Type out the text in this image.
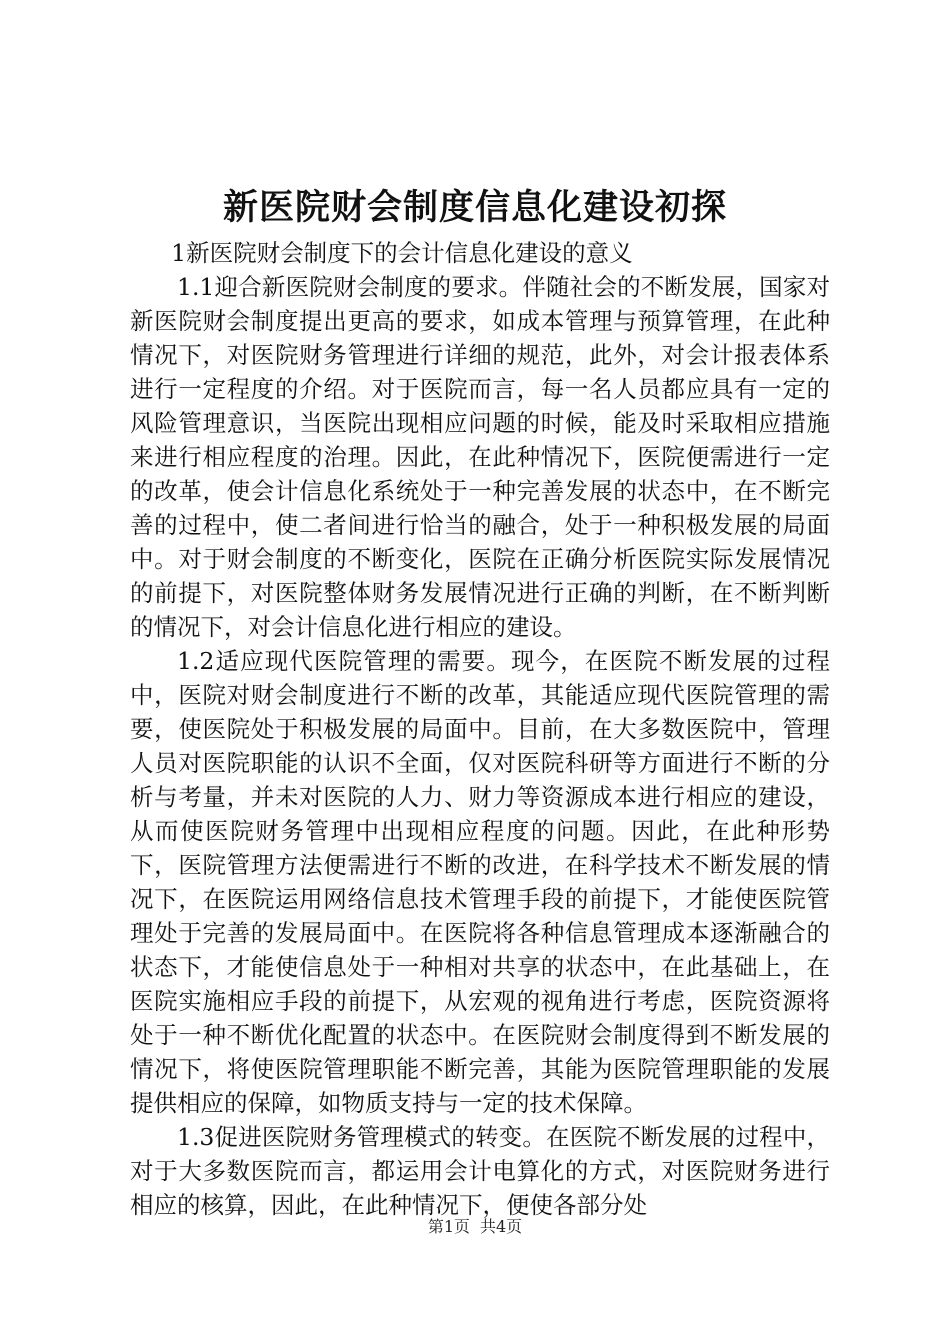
新医院财会制度信息化建设初探

1新医院财会制度下的会计信息化建设的意义

1.1迎合新医院财会制度的要求。伴随社会的不断发展，国家对新医院财会制度提出更高的要求，如成本管理与预算管理，在此种情况下，对医院财务管理进行详细的规范，此外，对会计报表体系进行一定程度的介绍。对于医院而言，每一名人员都应具有一定的风险管理意识，当医院出现相应问题的时候，能及时采取相应措施来进行相应程度的治理。因此，在此种情况下，医院便需进行一定的改革，使会计信息化系统处于一种完善发展的状态中，在不断完善的过程中，使二者间进行恰当的融合，处于一种积极发展的局面中。对于财会制度的不断变化，医院在正确分析医院实际发展情况的前提下，对医院整体财务发展情况进行正确的判断，在不断判断的情况下，对会计信息化进行相应的建设。

1.2适应现代医院管理的需要。现今，在医院不断发展的过程中，医院对财会制度进行不断的改革，其能适应现代医院管理的需要，使医院处于积极发展的局面中。目前，在大多数医院中，管理人员对医院职能的认识不全面，仅对医院科研等方面进行不断的分析与考量，并未对医院的人力、财力等资源成本进行相应的建设，从而使医院财务管理中出现相应程度的问题。因此，在此种形势下，医院管理方法便需进行不断的改进，在科学技术不断发展的情况下，在医院运用网络信息技术管理手段的前提下，才能使医院管理处于完善的发展局面中。在医院将各种信息管理成本逐渐融合的状态下，才能使信息处于一种相对共享的状态中，在此基础上，在医院实施相应手段的前提下，从宏观的视角进行考虑，医院资源将处于一种不断优化配置的状态中。在医院财会制度得到不断发展的情况下，将使医院管理职能不断完善，其能为医院管理职能的发展提供相应的保障，如物质支持与一定的技术保障。

1.3促进医院财务管理模式的转变。在医院不断发展的过程中，对于大多数医院而言，都运用会计电算化的方式，对医院财务进行相应的核算，因此，在此种情况下，便使各部分处

第1页 共4页
